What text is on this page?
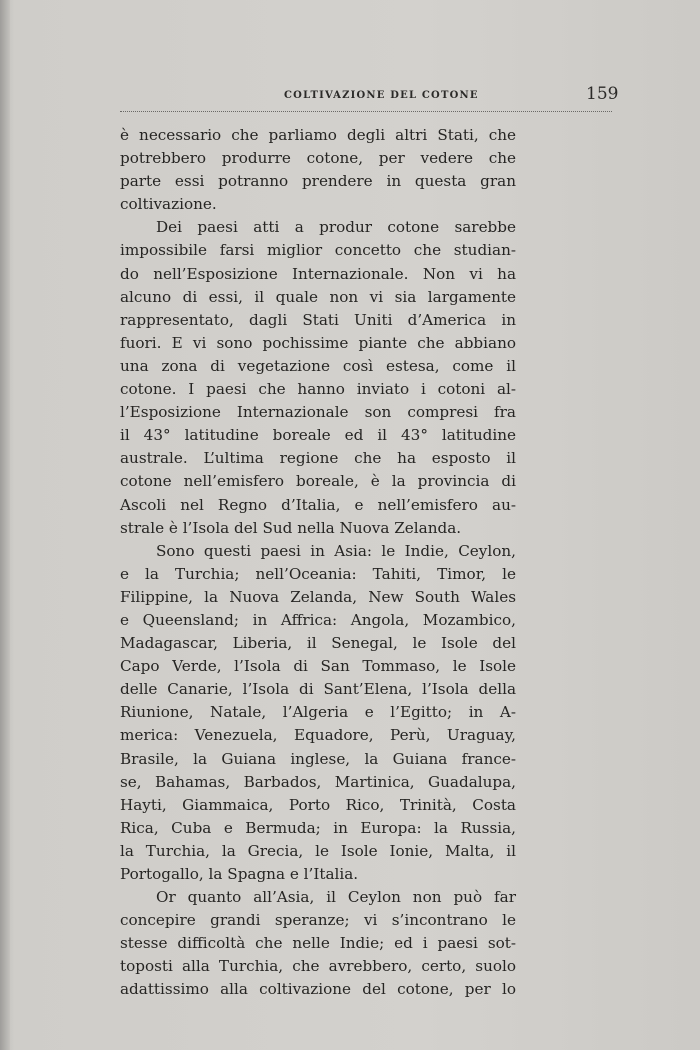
COLTIVAZIONE DEL COTONE	159
è necessario che parliamo degli altri Stati, che
potrebbero produrre cotone, per vedere che
parte essi potranno prendere in questa gran
coltivazione.
Dei paesi atti a produr cotone sarebbe
impossibile farsi miglior concetto che studian-
do nell’Esposizione Internazionale. Non vi ha
alcuno di essi, il quale non vi sia largamente
rappresentato, dagli Stati Uniti d’America in
fuori. E vi sono pochissime piante che abbiano
una zona di vegetazione così estesa, come il
cotone. I paesi che hanno inviato i cotoni al-
l’Esposizione Internazionale son compresi fra
il 43° latitudine boreale ed il 43° latitudine
australe. L’ultima regione che ha esposto il
cotone nell’emisfero boreale, è la provincia di
Ascoli nel Regno d’Italia, e nell’emisfero au-
strale è l’Isola del Sud nella Nuova Zelanda.
Sono questi paesi in Asia: le Indie, Ceylon,
e la Turchia; nell’Oceania: Tahiti, Timor, le
Filippine, la Nuova Zelanda, New South Wales
e Queensland; in Affrica: Angola, Mozambico,
Madagascar, Liberia, il Senegal, le Isole del
Capo Verde, l’Isola di San Tommaso, le Isole
delle Canarie, l’Isola di Sant’Elena, l’Isola della
Riunione, Natale, l’Algeria e l’Egitto; in A-
merica: Venezuela, Equadore, Perù, Uraguay,
Brasile, la Guiana inglese, la Guiana france-
se, Bahamas, Barbados, Martinica, Guadalupa,
Hayti, Giammaica, Porto Rico, Trinità, Costa
Rica, Cuba e Bermuda; in Europa: la Russia,
la Turchia, la Grecia, le Isole Ionie, Malta, il
Portogallo, la Spagna e l’Italia.
Or quanto all’Asia, il Ceylon non può far
concepire grandi speranze; vi s’incontrano le
stesse difficoltà che nelle Indie; ed i paesi sot-
toposti alla Turchia, che avrebbero, certo, suolo
adattissimo alla coltivazione del cotone, per lo
